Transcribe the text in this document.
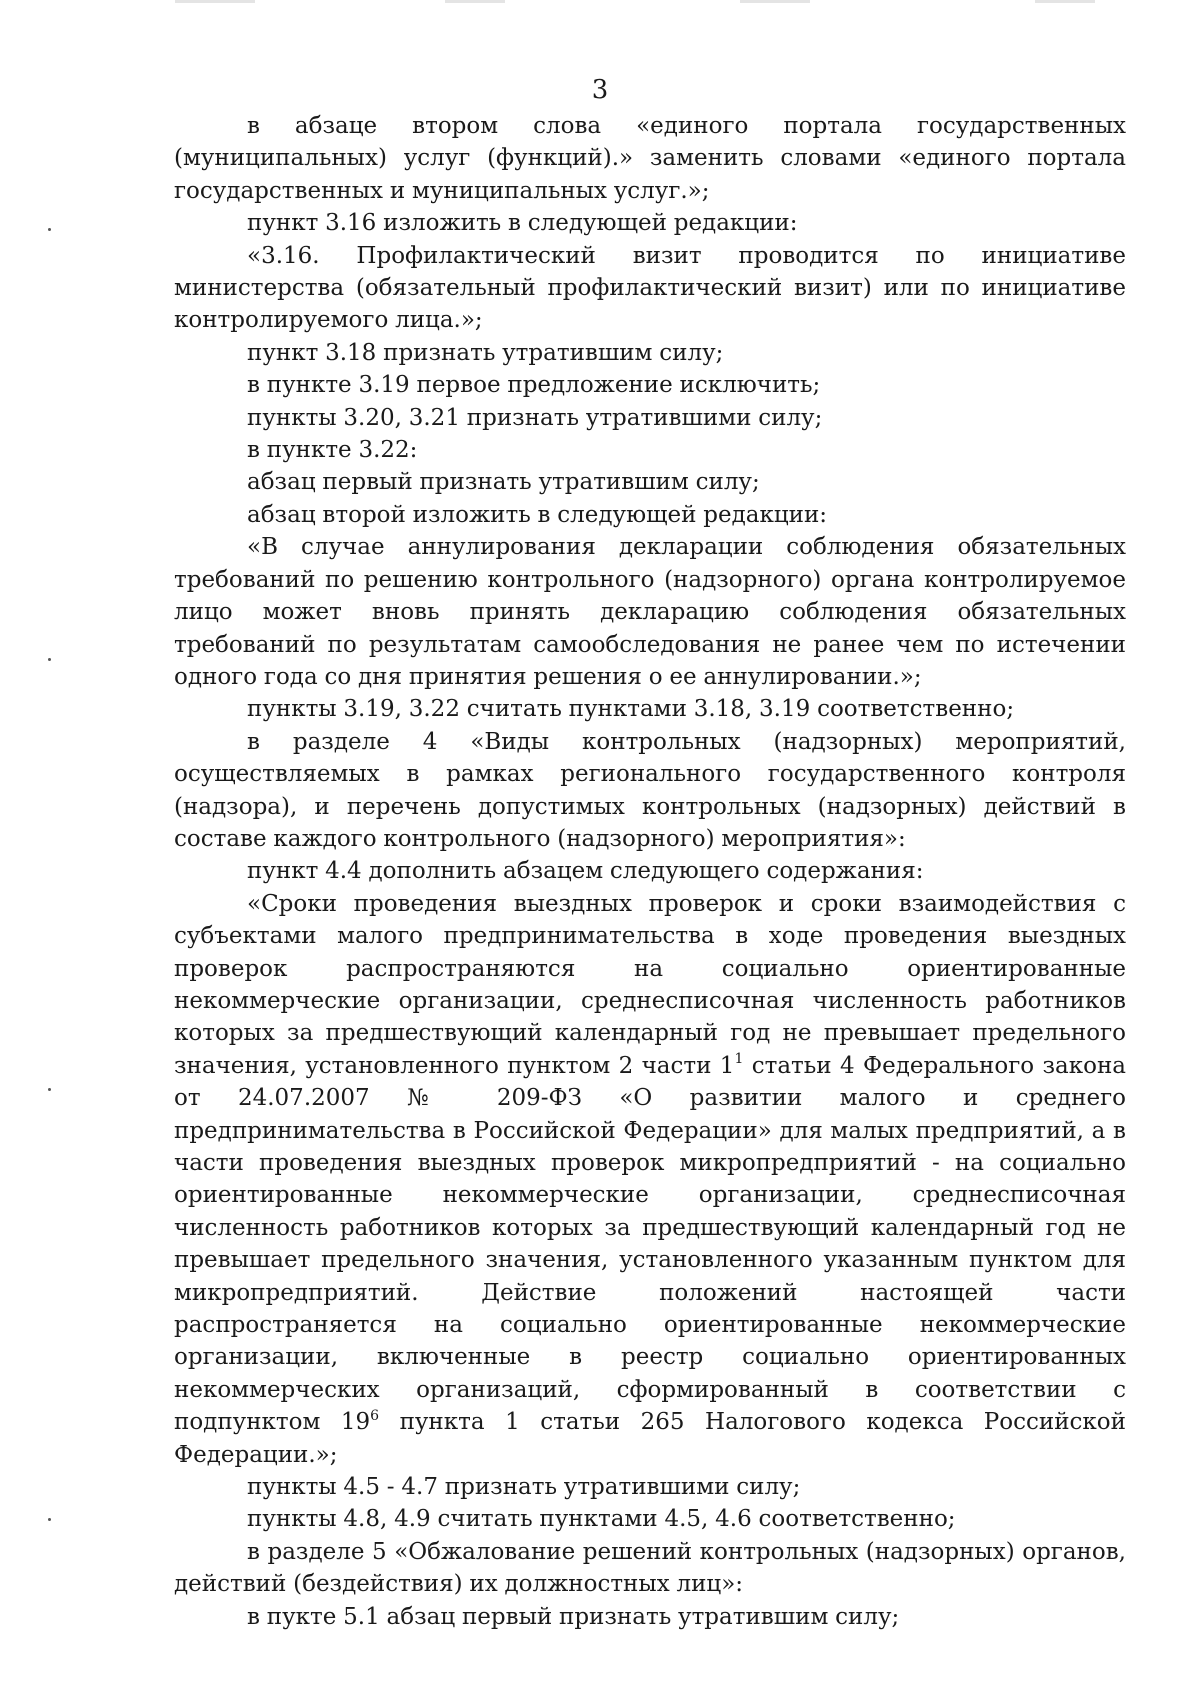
3

в абзаце втором слова «единого портала государственных (муниципальных) услуг (функций).» заменить словами «единого портала государственных и муниципальных услуг.»;

пункт 3.16 изложить в следующей редакции:

«3.16. Профилактический визит проводится по инициативе министерства (обязательный профилактический визит) или по инициативе контролируемого лица.»;

пункт 3.18 признать утратившим силу;

в пункте 3.19 первое предложение исключить;

пункты 3.20, 3.21 признать утратившими силу;

в пункте 3.22:

абзац первый признать утратившим силу;

абзац второй изложить в следующей редакции:

«В случае аннулирования декларации соблюдения обязательных требований по решению контрольного (надзорного) органа контролируемое лицо может вновь принять декларацию соблюдения обязательных требований по результатам самообследования не ранее чем по истечении одного года со дня принятия решения о ее аннулировании.»;

пункты 3.19, 3.22 считать пунктами 3.18, 3.19 соответственно;

в разделе 4 «Виды контрольных (надзорных) мероприятий, осуществляемых в рамках регионального государственного контроля (надзора), и перечень допустимых контрольных (надзорных) действий в составе каждого контрольного (надзорного) мероприятия»:

пункт 4.4 дополнить абзацем следующего содержания:

«Сроки проведения выездных проверок и сроки взаимодействия с субъектами малого предпринимательства в ходе проведения выездных проверок распространяются на социально ориентированные некоммерческие организации, среднесписочная численность работников которых за предшествующий календарный год не превышает предельного значения, установленного пунктом 2 части $1^1$ статьи 4 Федерального закона от 24.07.2007 № 209-ФЗ «О развитии малого и среднего предпринимательства в Российской Федерации» для малых предприятий, а в части проведения выездных проверок микропредприятий - на социально ориентированные некоммерческие организации, среднесписочная численность работников которых за предшествующий календарный год не превышает предельного значения, установленного указанным пунктом для микропредприятий. Действие положений настоящей части распространяется на социально ориентированные некоммерческие организации, включенные в реестр социально ориентированных некоммерческих организаций, сформированный в соответствии с подпунктом $19^6$ пункта 1 статьи 265 Налогового кодекса Российской Федерации.»;

пункты 4.5 - 4.7 признать утратившими силу;

пункты 4.8, 4.9 считать пунктами 4.5, 4.6 соответственно;

в разделе 5 «Обжалование решений контрольных (надзорных) органов, действий (бездействия) их должностных лиц»:

в пукте 5.1 абзац первый признать утратившим силу;
